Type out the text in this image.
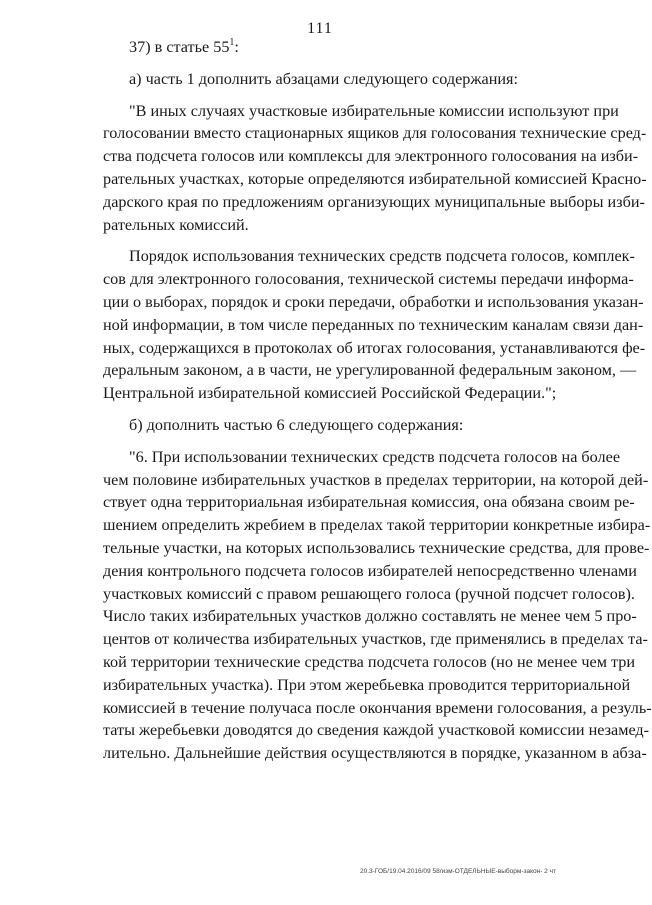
111
37) в статье $55^1$:
а) часть 1 дополнить абзацами следующего содержания:
"В иных случаях участковые избирательные комиссии используют при
голосовании вместо стационарных ящиков для голосования технические сред-
ства подсчета голосов или комплексы для электронного голосования на изби-
рательных участках, которые определяются избирательной комиссией Красно-
дарского края по предложениям организующих муниципальные выборы изби-
рательных комиссий.
Порядок использования технических средств подсчета голосов, комплек-
сов для электронного голосования, технической системы передачи информа-
ции о выборах, порядок и сроки передачи, обработки и использования указан-
ной информации, в том числе переданных по техническим каналам связи дан-
ных, содержащихся в протоколах об итогах голосования, устанавливаются фе-
деральным законом, а в части, не урегулированной федеральным законом, —
Центральной избирательной комиссией Российской Федерации.";
б) дополнить частью 6 следующего содержания:
"6. При использовании технических средств подсчета голосов на более
чем половине избирательных участков в пределах территории, на которой дей-
ствует одна территориальная избирательная комиссия, она обязана своим ре-
шением определить жребием в пределах такой территории конкретные избира-
тельные участки, на которых использовались технические средства, для прове-
дения контрольного подсчета голосов избирателей непосредственно членами
участковых комиссий с правом решающего голоса (ручной подсчет голосов).
Число таких избирательных участков должно составлять не менее чем 5 про-
центов от количества избирательных участков, где применялись в пределах та-
кой территории технические средства подсчета голосов (но не менее чем три
избирательных участка). При этом жеребьевка проводится территориальной
комиссией в течение получаса после окончания времени голосования, а резуль-
таты жеребьевки доводятся до сведения каждой участковой комиссии незамед-
лительно. Дальнейшие действия осуществляются в порядке, указанном в абза-
20.3-ГОБ/19.04.2016/09 58/изм-ОТДЕЛЬНЫЕ-выборм-закон- 2 чт
